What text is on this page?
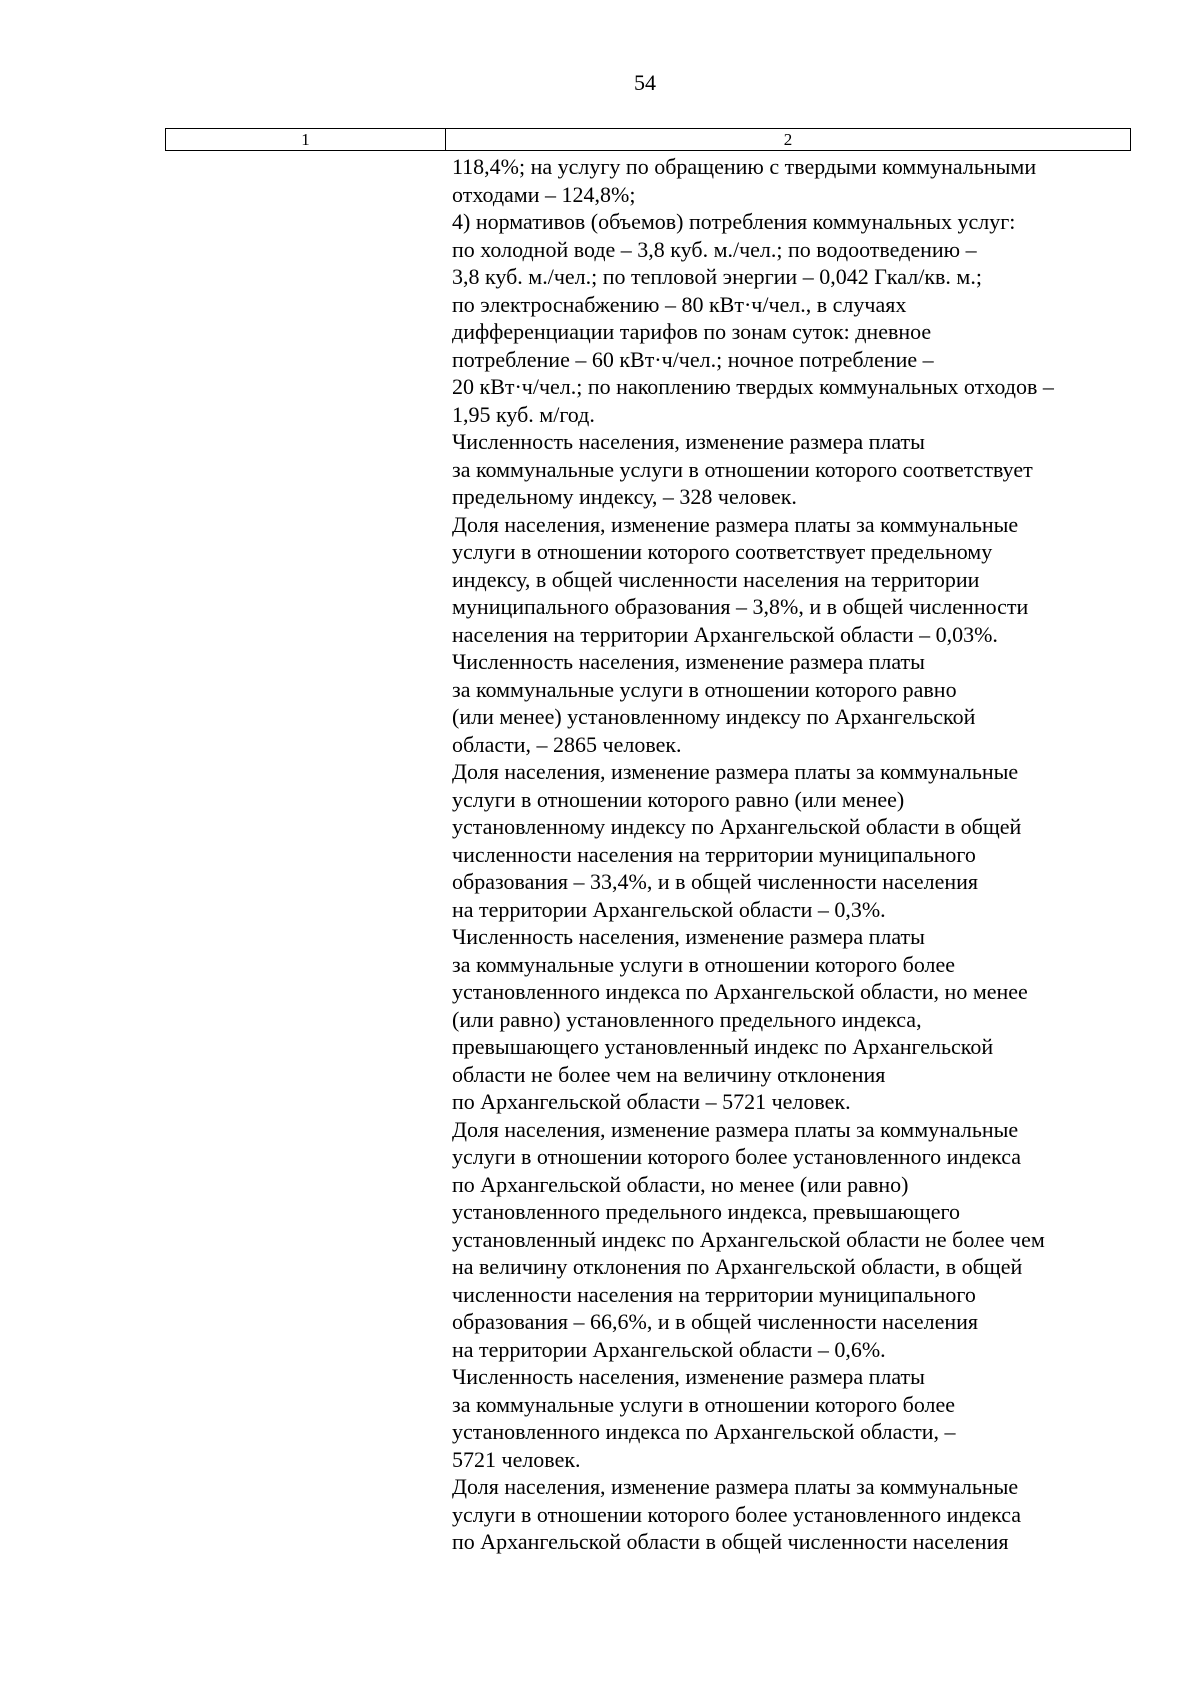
54
1	2
118,4%; на услугу по обращению с твердыми коммунальными
отходами – 124,8%;
4) нормативов (объемов) потребления коммунальных услуг:
по холодной воде – 3,8 куб. м./чел.; по водоотведению –
3,8 куб. м./чел.; по тепловой энергии – 0,042 Гкал/кв. м.;
по электроснабжению – 80 кВт·ч/чел., в случаях
дифференциации тарифов по зонам суток: дневное
потребление – 60 кВт·ч/чел.; ночное потребление –
20 кВт·ч/чел.; по накоплению твердых коммунальных отходов –
1,95 куб. м/год.
Численность населения, изменение размера платы
за коммунальные услуги в отношении которого соответствует
предельному индексу, – 328 человек.
Доля населения, изменение размера платы за коммунальные
услуги в отношении которого соответствует предельному
индексу, в общей численности населения на территории
муниципального образования – 3,8%, и в общей численности
населения на территории Архангельской области – 0,03%.
Численность населения, изменение размера платы
за коммунальные услуги в отношении которого равно
(или менее) установленному индексу по Архангельской
области, – 2865 человек.
Доля населения, изменение размера платы за коммунальные
услуги в отношении которого равно (или менее)
установленному индексу по Архангельской области в общей
численности населения на территории муниципального
образования – 33,4%, и в общей численности населения
на территории Архангельской области – 0,3%.
Численность населения, изменение размера платы
за коммунальные услуги в отношении которого более
установленного индекса по Архангельской области, но менее
(или равно) установленного предельного индекса,
превышающего установленный индекс по Архангельской
области не более чем на величину отклонения
по Архангельской области – 5721 человек.
Доля населения, изменение размера платы за коммунальные
услуги в отношении которого более установленного индекса
по Архангельской области, но менее (или равно)
установленного предельного индекса, превышающего
установленный индекс по Архангельской области не более чем
на величину отклонения по Архангельской области, в общей
численности населения на территории муниципального
образования – 66,6%, и в общей численности населения
на территории Архангельской области – 0,6%.
Численность населения, изменение размера платы
за коммунальные услуги в отношении которого более
установленного индекса по Архангельской области, –
5721 человек.
Доля населения, изменение размера платы за коммунальные
услуги в отношении которого более установленного индекса
по Архангельской области в общей численности населения
